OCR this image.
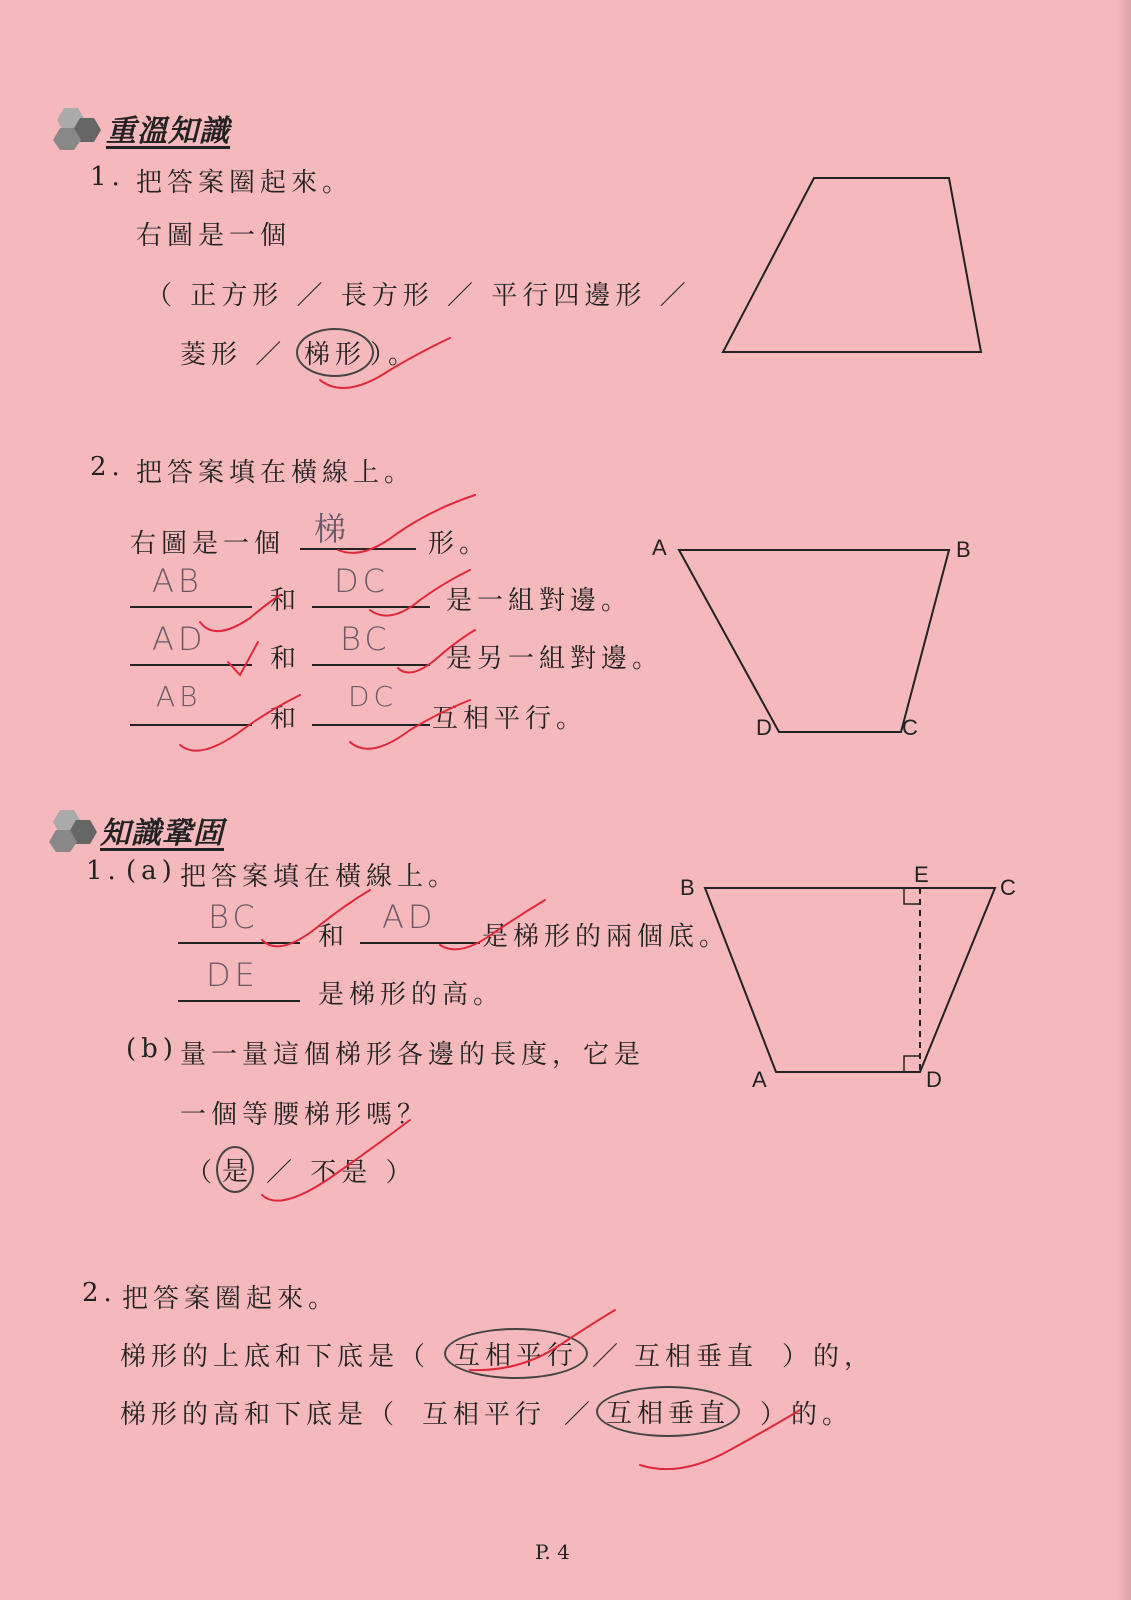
重溫知識
1. 把答案圈起來。
右圖是一個
（ 正方形 ／ 長方形 ／ 平行四邊形 ／
菱形 ／ 梯形 ）。
2. 把答案填在橫線上。
右圖是一個 梯	形。
AB
和
DC
是一組對邊。
AD
和
BC
是另一組對邊。
AB
和
DC
互相平行。
A	B
C
D
知識鞏固
1. (a) 把答案填在橫線上。
BC
和
AD
是梯形的兩個底。
DE
是梯形的高。
(b) 量一量這個梯形各邊的長度，它是
一個等腰梯形嗎？
（ 是 ／ 不是 ）
B
E
C
A	D
2. 把答案圈起來。
梯形的上底和下底是（ 互相平行 ／ 互相垂直 ）的，
梯形的高和下底是（ 互相平行 ／ 互相垂直	）的。
P. 4
